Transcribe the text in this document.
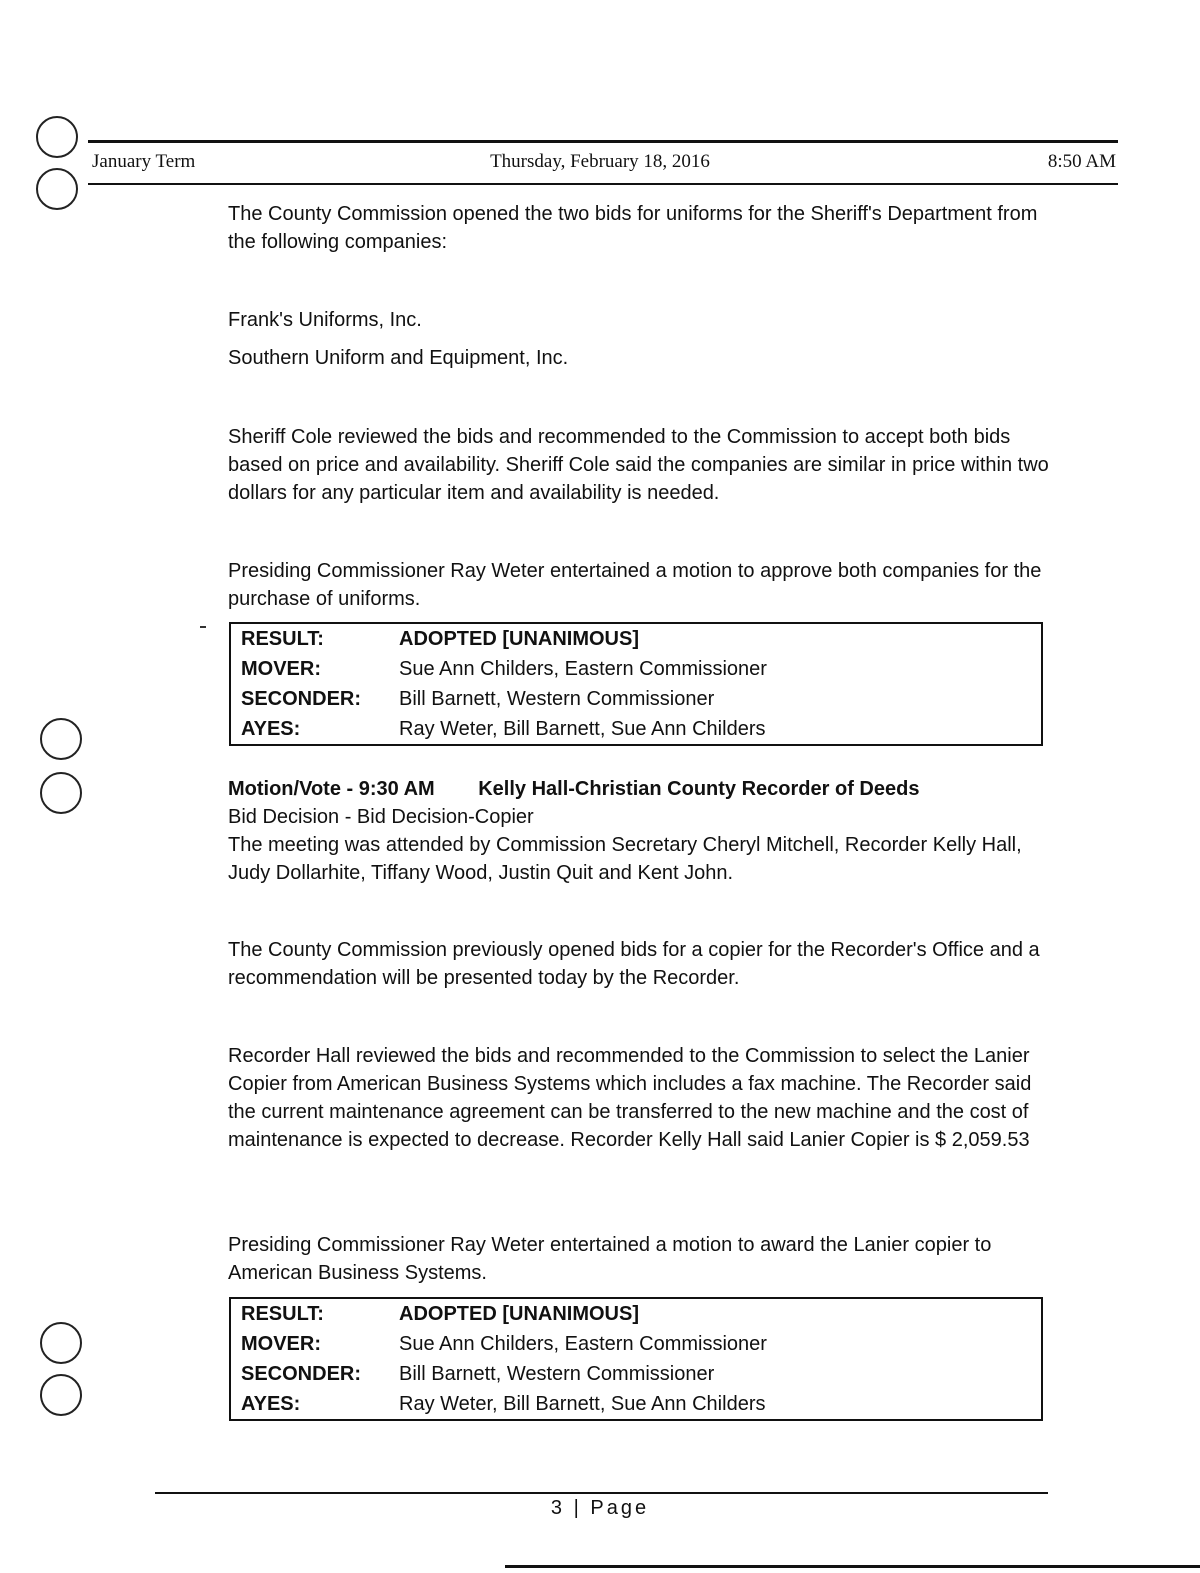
January Term	Thursday, February 18, 2016	8:50 AM

The County Commission opened the two bids for uniforms for the Sheriff's Department from the following companies:

Frank's Uniforms, Inc.

Southern Uniform and Equipment, Inc.

Sheriff Cole reviewed the bids and recommended to the Commission to accept both bids based on price and availability. Sheriff Cole said the companies are similar in price within two dollars for any particular item and availability is needed.

Presiding Commissioner Ray Weter entertained a motion to approve both companies for the purchase of uniforms.

RESULT:	ADOPTED [UNANIMOUS]
MOVER:	Sue Ann Childers, Eastern Commissioner
SECONDER: Bill Barnett, Western Commissioner
AYES:	Ray Weter, Bill Barnett, Sue Ann Childers
Motion/Vote - 9:30 AM Kelly Hall-Christian County Recorder of Deeds

Bid Decision - Bid Decision-Copier

The meeting was attended by Commission Secretary Cheryl Mitchell, Recorder Kelly Hall, Judy Dollarhite, Tiffany Wood, Justin Quit and Kent John.

The County Commission previously opened bids for a copier for the Recorder's Office and a recommendation will be presented today by the Recorder.

Recorder Hall reviewed the bids and recommended to the Commission to select the Lanier Copier from American Business Systems which includes a fax machine. The Recorder said the current maintenance agreement can be transferred to the new machine and the cost of maintenance is expected to decrease. Recorder Kelly Hall said Lanier Copier is $ 2,059.53

Presiding Commissioner Ray Weter entertained a motion to award the Lanier copier to American Business Systems.

RESULT:	ADOPTED [UNANIMOUS]
MOVER:	Sue Ann Childers, Eastern Commissioner
SECONDER: Bill Barnett, Western Commissioner
AYES:	Ray Weter, Bill Barnett, Sue Ann Childers
3 | Page
